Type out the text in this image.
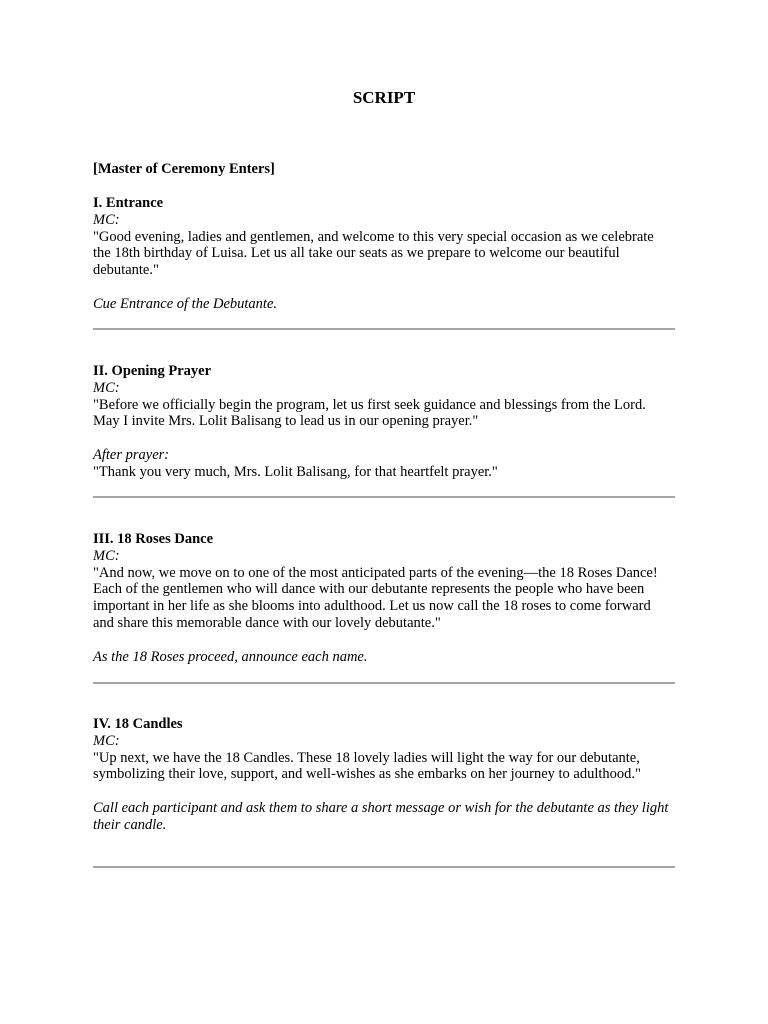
SCRIPT

[Master of Ceremony Enters]

I. Entrance

MC:

"Good evening, ladies and gentlemen, and welcome to this very special occasion as we celebrate the 18th birthday of Luisa. Let us all take our seats as we prepare to welcome our beautiful debutante."

Cue Entrance of the Debutante.

II. Opening Prayer

MC:

"Before we officially begin the program, let us first seek guidance and blessings from the Lord. May I invite Mrs. Lolit Balisang to lead us in our opening prayer."

After prayer:

"Thank you very much, Mrs. Lolit Balisang, for that heartfelt prayer."

III. 18 Roses Dance

MC:

"And now, we move on to one of the most anticipated parts of the evening—the 18 Roses Dance! Each of the gentlemen who will dance with our debutante represents the people who have been important in her life as she blooms into adulthood. Let us now call the 18 roses to come forward and share this memorable dance with our lovely debutante."

As the 18 Roses proceed, announce each name.

IV. 18 Candles

MC:

"Up next, we have the 18 Candles. These 18 lovely ladies will light the way for our debutante, symbolizing their love, support, and well-wishes as she embarks on her journey to adulthood."

Call each participant and ask them to share a short message or wish for the debutante as they light their candle.
